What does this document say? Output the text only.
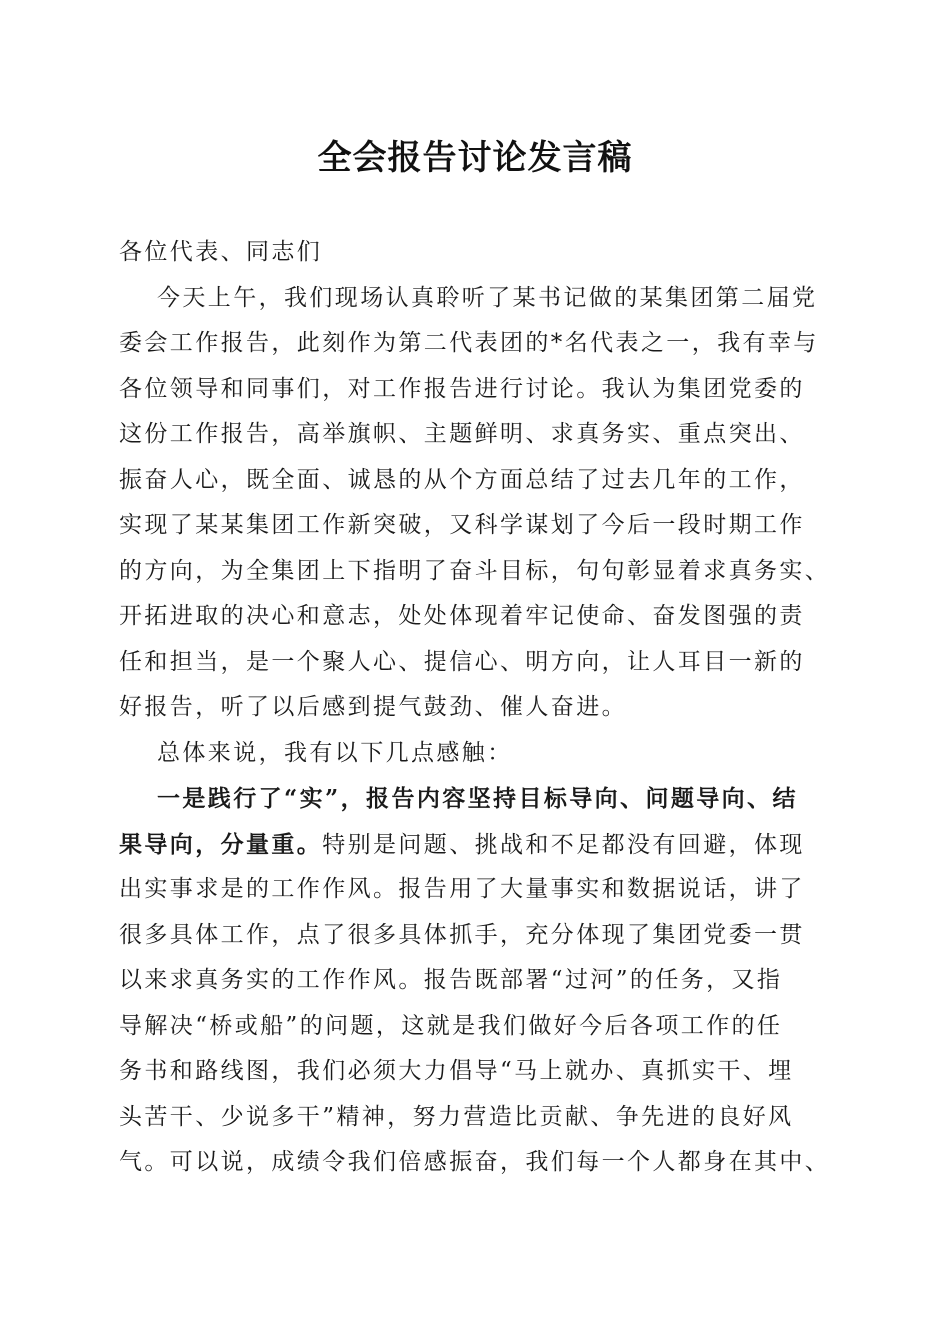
全会报告讨论发言稿
各位代表、同志们
今天上午，我们现场认真聆听了某书记做的某集团第二届党
委会工作报告，此刻作为第二代表团的*名代表之一，我有幸与
各位领导和同事们，对工作报告进行讨论。我认为集团党委的
这份工作报告，高举旗帜、主题鲜明、求真务实、重点突出、
振奋人心，既全面、诚恳的从个方面总结了过去几年的工作，
实现了某某集团工作新突破，又科学谋划了今后一段时期工作
的方向，为全集团上下指明了奋斗目标，句句彰显着求真务实、
开拓进取的决心和意志，处处体现着牢记使命、奋发图强的责
任和担当，是一个聚人心、提信心、明方向，让人耳目一新的
好报告，听了以后感到提气鼓劲、催人奋进。
总体来说，我有以下几点感触：
一是践行了“实”，报告内容坚持目标导向、问题导向、结
果导向，分量重。特别是问题、挑战和不足都没有回避，体现
出实事求是的工作作风。报告用了大量事实和数据说话，讲了
很多具体工作，点了很多具体抓手，充分体现了集团党委一贯
以来求真务实的工作作风。报告既部署“过河”的任务，又指
导解决“桥或船”的问题，这就是我们做好今后各项工作的任
务书和路线图，我们必须大力倡导“马上就办、真抓实干、埋
头苦干、少说多干”精神，努力营造比贡献、争先进的良好风
气。可以说，成绩令我们倍感振奋，我们每一个人都身在其中、
